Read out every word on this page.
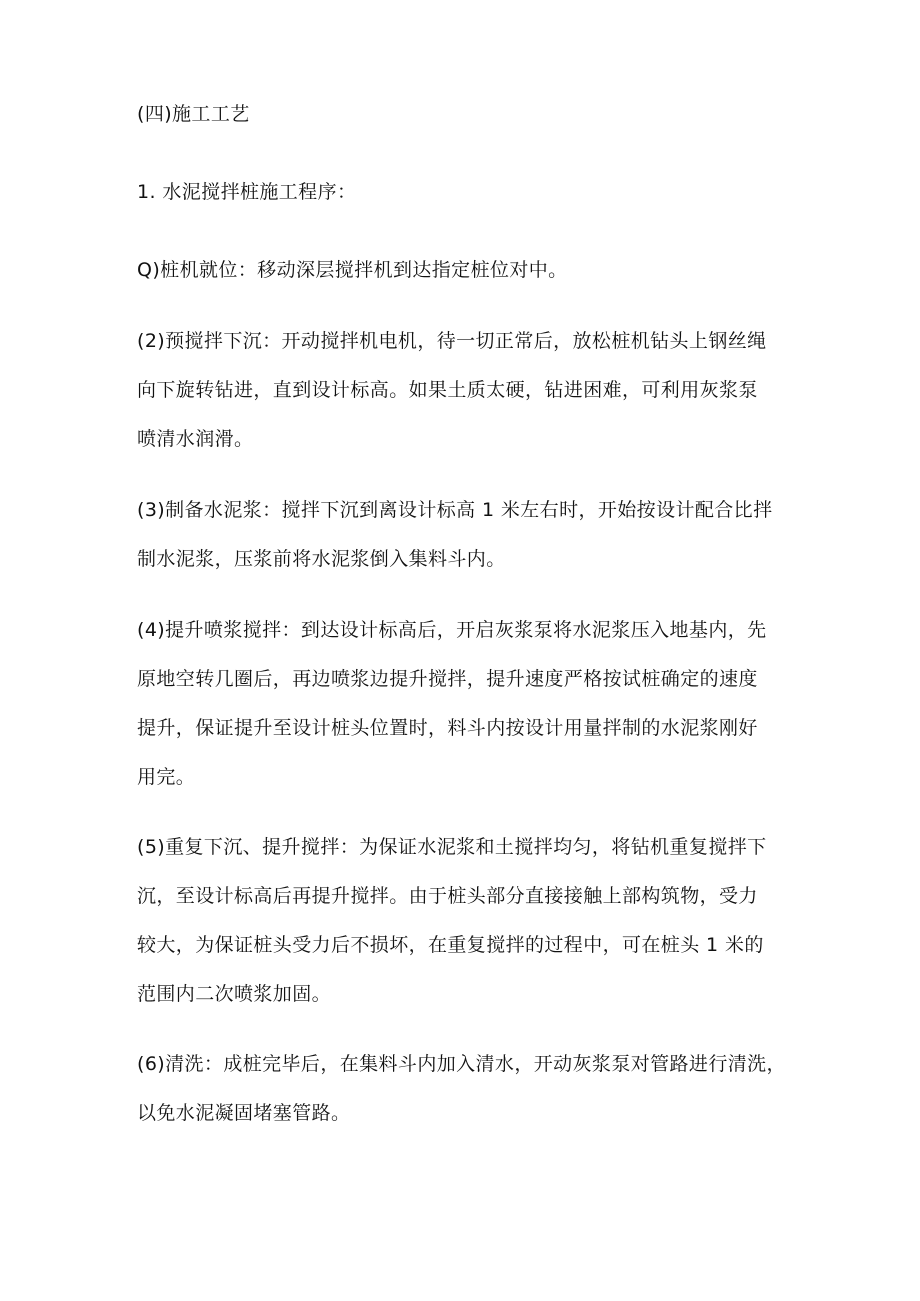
(四)施工工艺
1. 水泥搅拌桩施工程序：
Q)桩机就位：移动深层搅拌机到达指定桩位对中。
(2)预搅拌下沉：开动搅拌机电机，待一切正常后，放松桩机钻头上钢丝绳
向下旋转钻进，直到设计标高。如果土质太硬，钻进困难，可利用灰浆泵
喷清水润滑。
(3)制备水泥浆：搅拌下沉到离设计标高 1 米左右时，开始按设计配合比拌
制水泥浆，压浆前将水泥浆倒入集料斗内。
(4)提升喷浆搅拌：到达设计标高后，开启灰浆泵将水泥浆压入地基内，先
原地空转几圈后，再边喷浆边提升搅拌，提升速度严格按试桩确定的速度
提升，保证提升至设计桩头位置时，料斗内按设计用量拌制的水泥浆刚好
用完。
(5)重复下沉、提升搅拌：为保证水泥浆和土搅拌均匀，将钻机重复搅拌下
沉，至设计标高后再提升搅拌。由于桩头部分直接接触上部构筑物，受力
较大，为保证桩头受力后不损坏，在重复搅拌的过程中，可在桩头 1 米的
范围内二次喷浆加固。
(6)清洗：成桩完毕后，在集料斗内加入清水，开动灰浆泵对管路进行清洗，
以免水泥凝固堵塞管路。
